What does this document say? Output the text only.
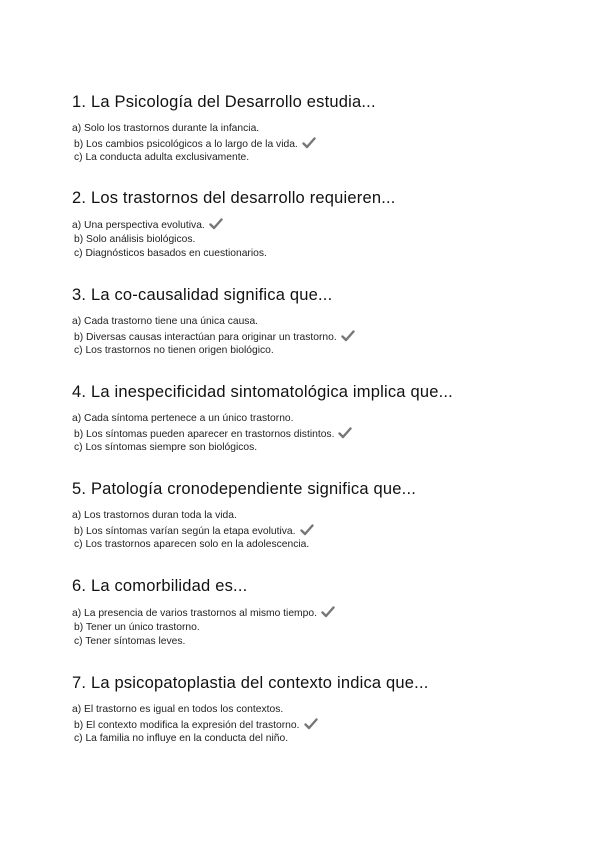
1. La Psicología del Desarrollo estudia...
a) Solo los trastornos durante la infancia.
b) Los cambios psicológicos a lo largo de la vida.
c) La conducta adulta exclusivamente.
2. Los trastornos del desarrollo requieren...
a) Una perspectiva evolutiva.
b) Solo análisis biológicos.
c) Diagnósticos basados en cuestionarios.
3. La co-causalidad significa que...
a) Cada trastorno tiene una única causa.
b) Diversas causas interactúan para originar un trastorno.
c) Los trastornos no tienen origen biológico.
4. La inespecificidad sintomatológica implica que...
a) Cada síntoma pertenece a un único trastorno.
b) Los síntomas pueden aparecer en trastornos distintos.
c) Los síntomas siempre son biológicos.
5. Patología cronodependiente significa que...
a) Los trastornos duran toda la vida.
b) Los síntomas varían según la etapa evolutiva.
c) Los trastornos aparecen solo en la adolescencia.
6. La comorbilidad es...
a) La presencia de varios trastornos al mismo tiempo.
b) Tener un único trastorno.
c) Tener síntomas leves.
7. La psicopatoplastia del contexto indica que...
a) El trastorno es igual en todos los contextos.
b) El contexto modifica la expresión del trastorno.
c) La familia no influye en la conducta del niño.
